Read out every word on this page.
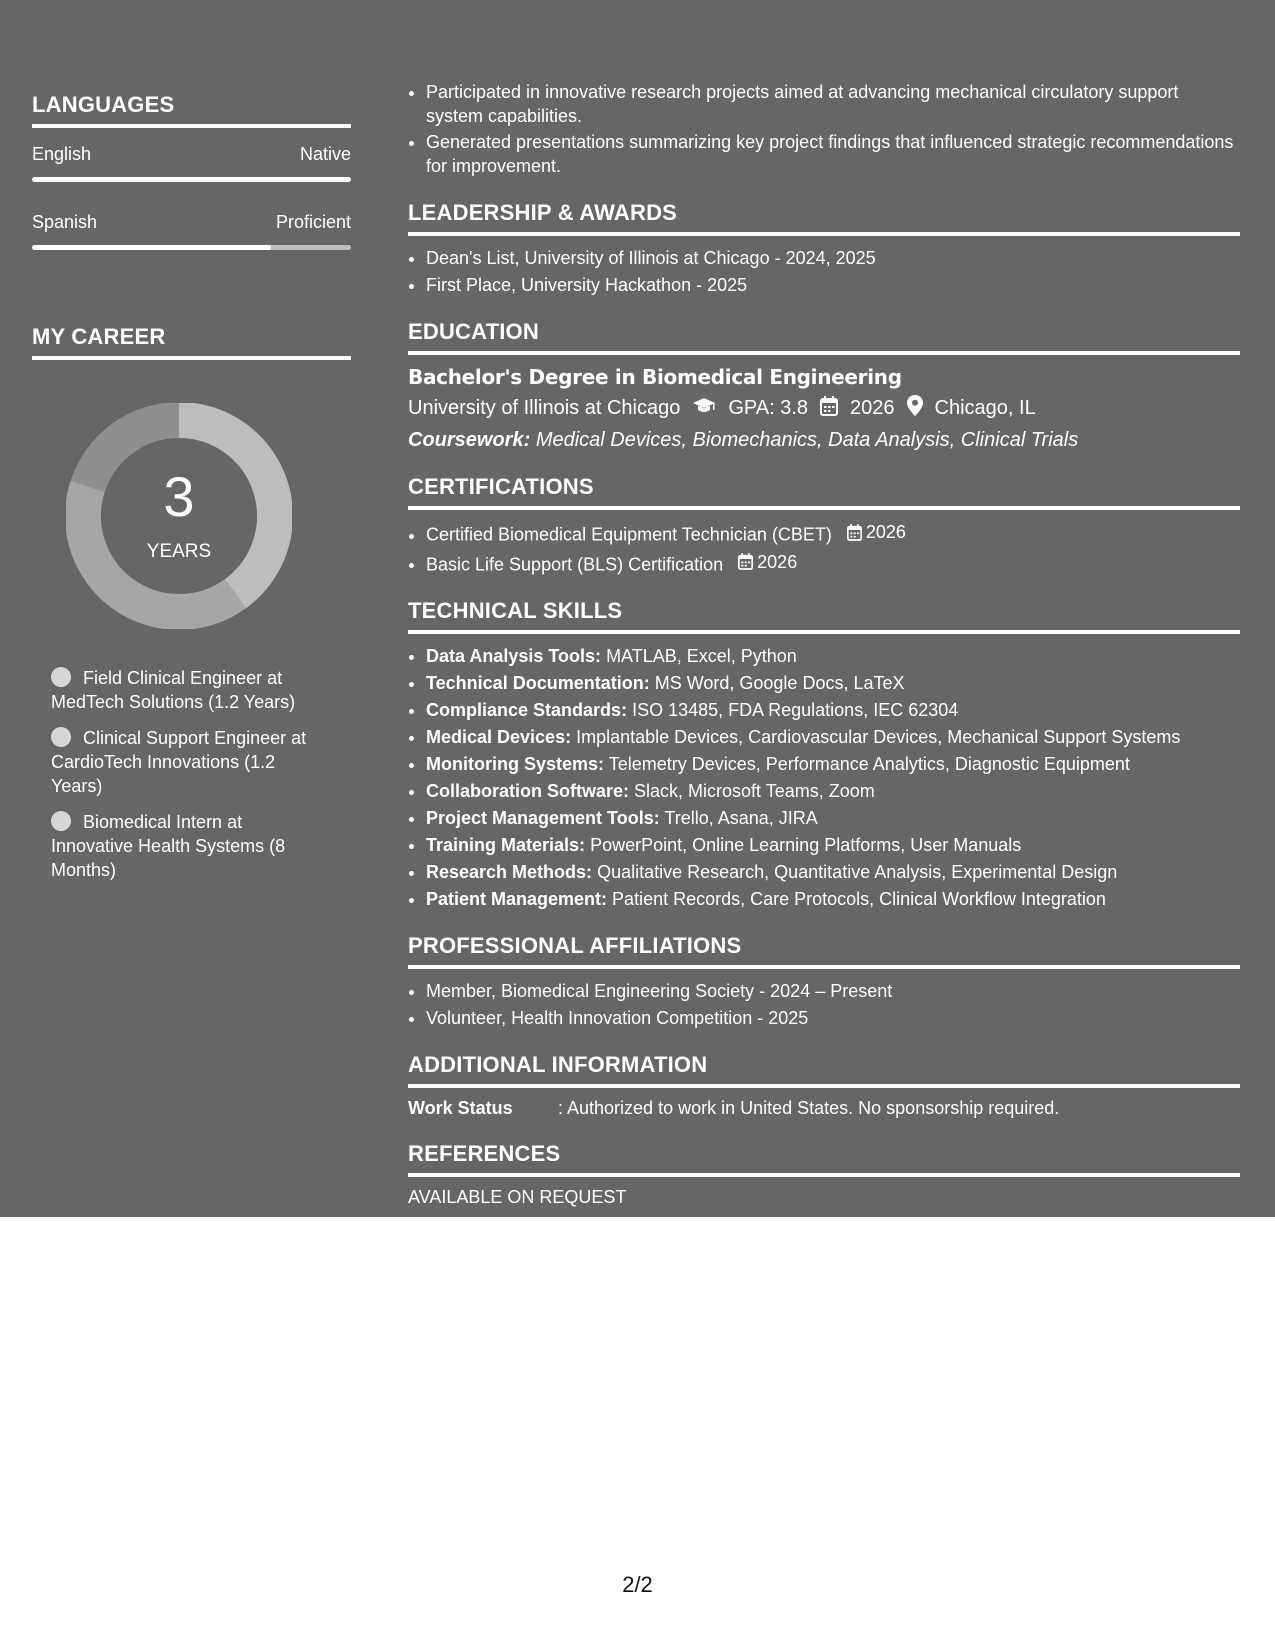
LANGUAGES
English	Native
Spanish	Proficient
MY CAREER
3
YEARS
Field Clinical Engineer at MedTech Solutions (1.2 Years)
Clinical Support Engineer at CardioTech Innovations (1.2 Years)
Biomedical Intern at Innovative Health Systems (8 Months)
• Participated in innovative research projects aimed at advancing mechanical circulatory support system capabilities.
• Generated presentations summarizing key project findings that influenced strategic recommendations for improvement.
LEADERSHIP & AWARDS
• Dean's List, University of Illinois at Chicago - 2024, 2025
• First Place, University Hackathon - 2025
EDUCATION
Bachelor's Degree in Biomedical Engineering
University of Illinois at Chicago GPA: 3.8 2026 Chicago, IL
Coursework: Medical Devices, Biomechanics, Data Analysis, Clinical Trials
CERTIFICATIONS
• Certified Biomedical Equipment Technician (CBET) 2026
• Basic Life Support (BLS) Certification 2026
TECHNICAL SKILLS
• Data Analysis Tools: MATLAB, Excel, Python
• Technical Documentation: MS Word, Google Docs, LaTeX
• Compliance Standards: ISO 13485, FDA Regulations, IEC 62304
• Medical Devices: Implantable Devices, Cardiovascular Devices, Mechanical Support Systems
• Monitoring Systems: Telemetry Devices, Performance Analytics, Diagnostic Equipment
• Collaboration Software: Slack, Microsoft Teams, Zoom
• Project Management Tools: Trello, Asana, JIRA
• Training Materials: PowerPoint, Online Learning Platforms, User Manuals
• Research Methods: Qualitative Research, Quantitative Analysis, Experimental Design
• Patient Management: Patient Records, Care Protocols, Clinical Workflow Integration
PROFESSIONAL AFFILIATIONS
• Member, Biomedical Engineering Society - 2024 – Present
• Volunteer, Health Innovation Competition - 2025
ADDITIONAL INFORMATION
Work Status	: Authorized to work in United States. No sponsorship required.
REFERENCES
AVAILABLE ON REQUEST
2/2
